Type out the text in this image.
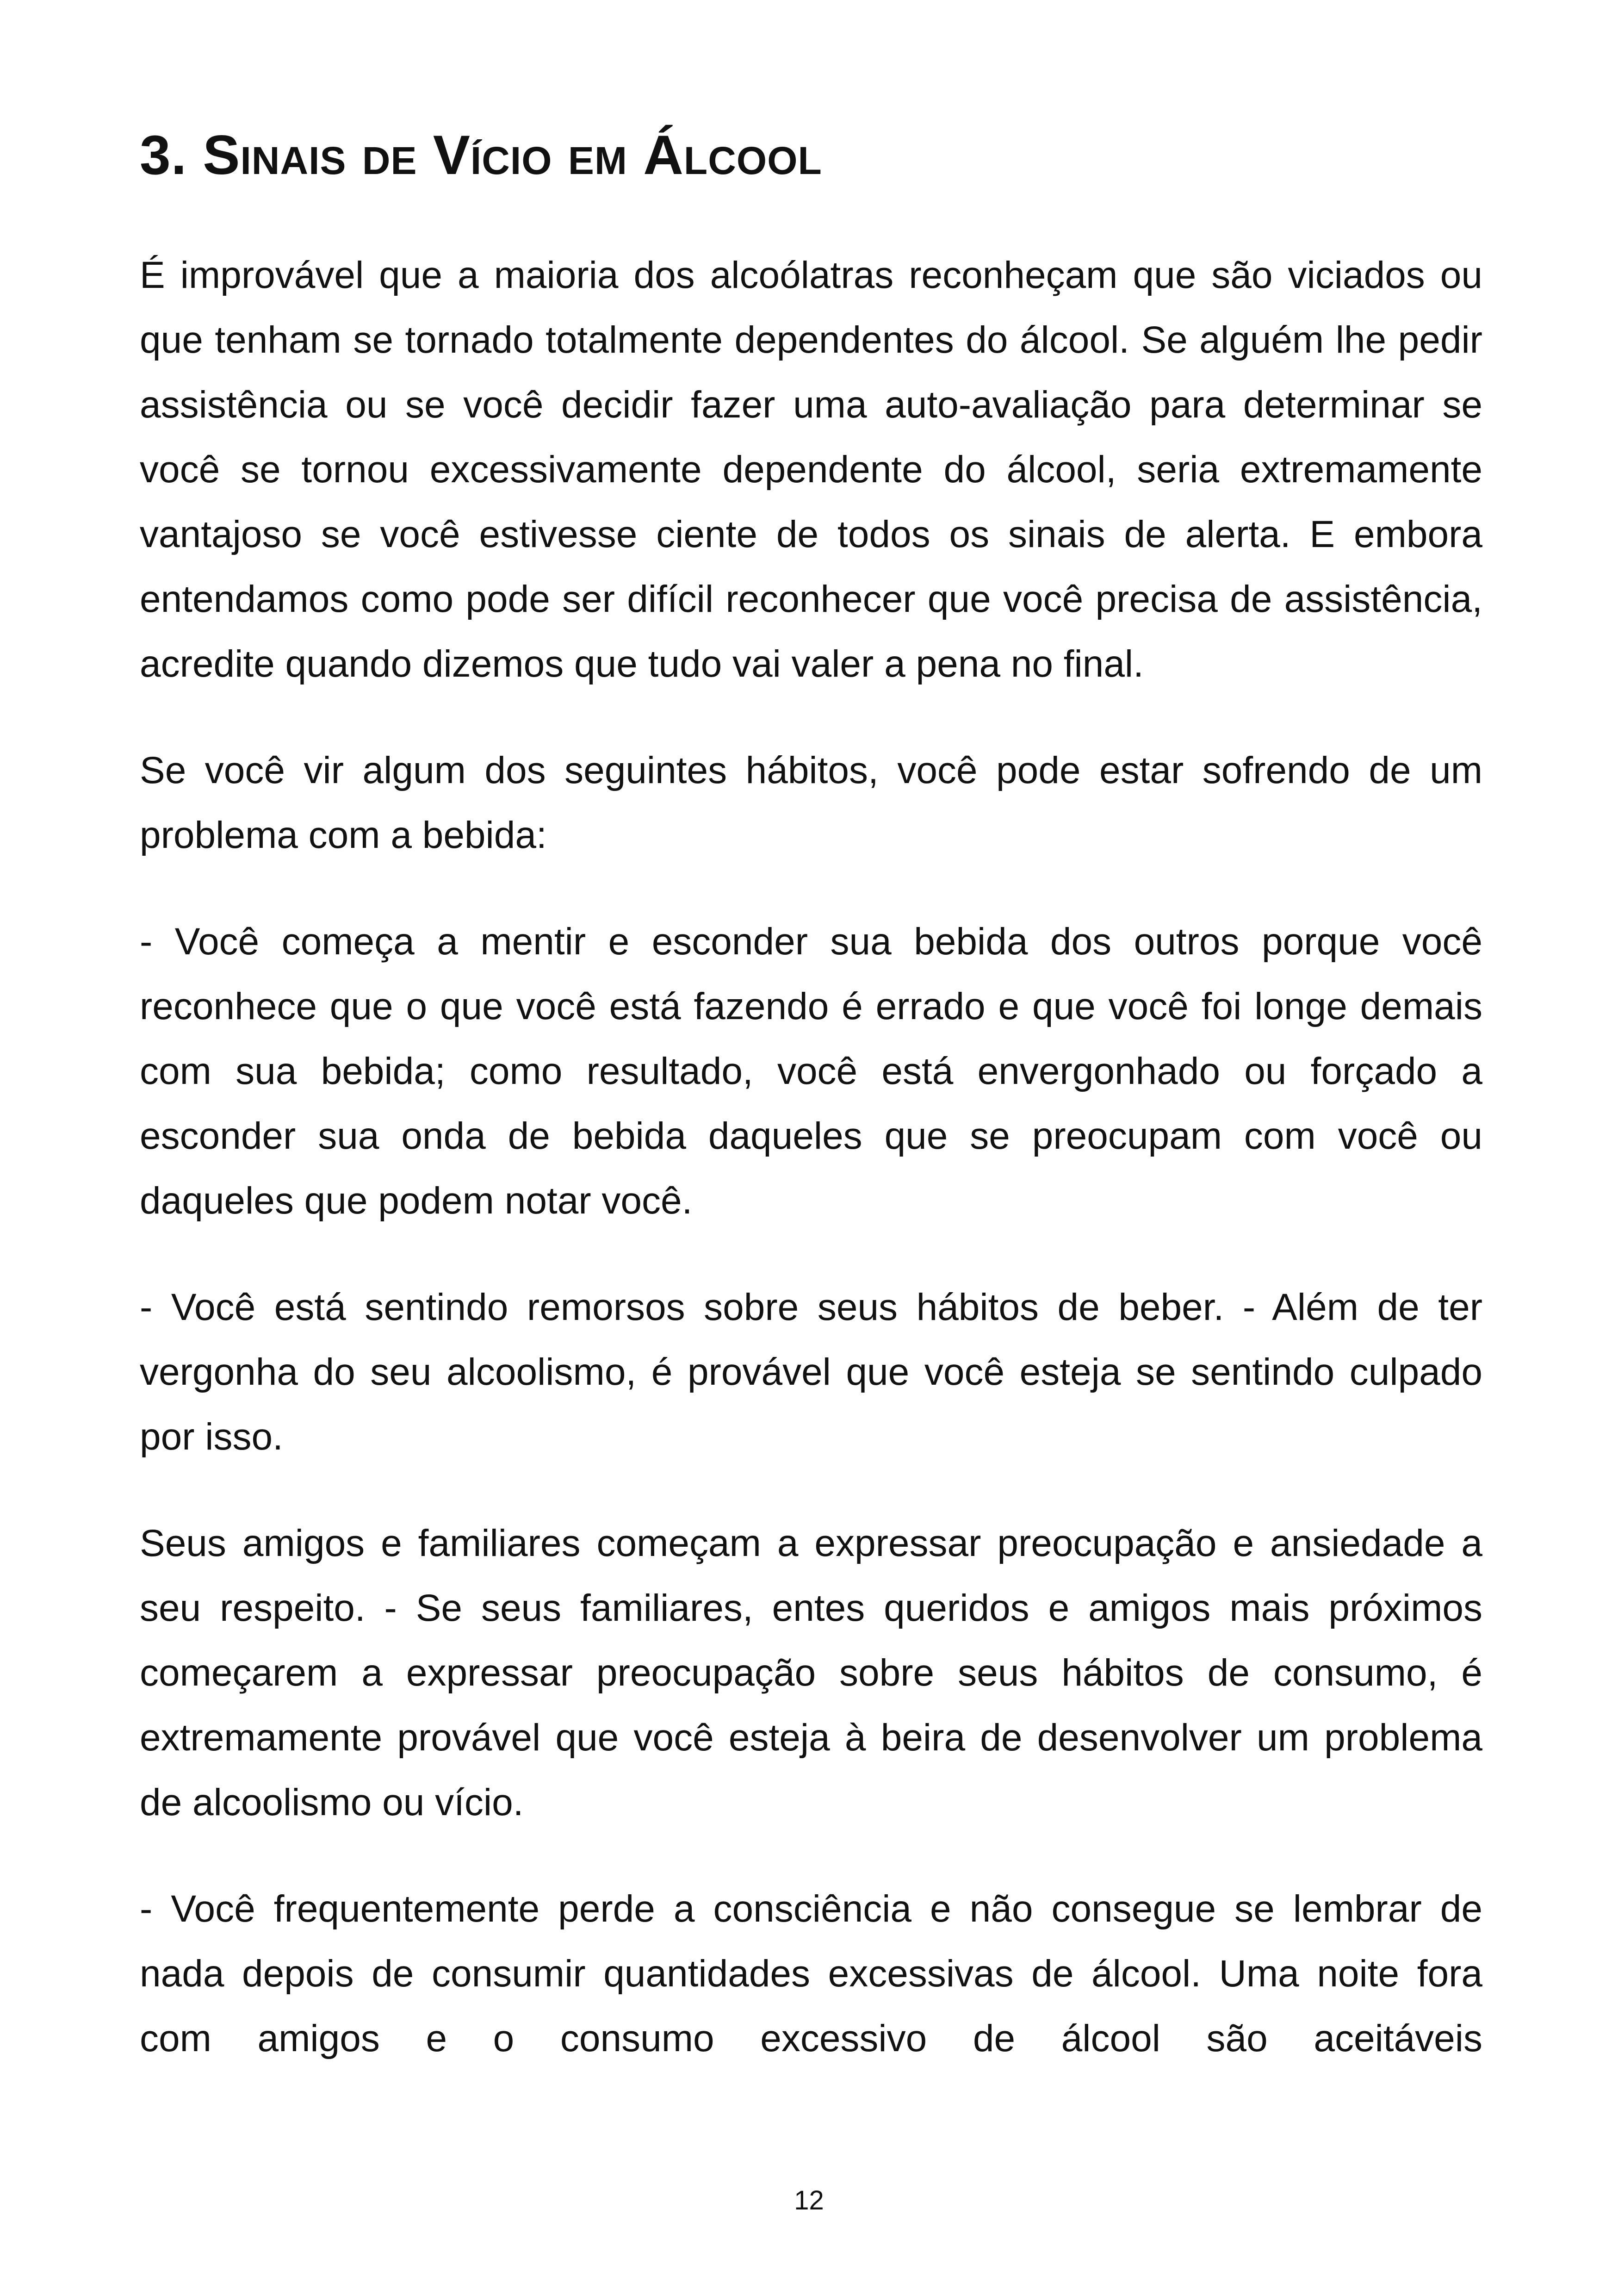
3. Sinais de Vício em Álcool

É improvável que a maioria dos alcoólatras reconheçam que são viciados ou que tenham se tornado totalmente dependentes do álcool. Se alguém lhe pedir assistência ou se você decidir fazer uma auto-avaliação para determinar se você se tornou excessivamente dependente do álcool, seria extremamente vantajoso se você estivesse ciente de todos os sinais de alerta. E embora entendamos como pode ser difícil reconhecer que você precisa de assistência, acredite quando dizemos que tudo vai valer a pena no final.

Se você vir algum dos seguintes hábitos, você pode estar sofrendo de um problema com a bebida:

- Você começa a mentir e esconder sua bebida dos outros porque você reconhece que o que você está fazendo é errado e que você foi longe demais com sua bebida; como resultado, você está envergonhado ou forçado a esconder sua onda de bebida daqueles que se preocupam com você ou daqueles que podem notar você.

- Você está sentindo remorsos sobre seus hábitos de beber. - Além de ter vergonha do seu alcoolismo, é provável que você esteja se sentindo culpado por isso.

Seus amigos e familiares começam a expressar preocupação e ansiedade a seu respeito. - Se seus familiares, entes queridos e amigos mais próximos começarem a expressar preocupação sobre seus hábitos de consumo, é extremamente provável que você esteja à beira de desenvolver um problema de alcoolismo ou vício.

- Você frequentemente perde a consciência e não consegue se lembrar de nada depois de consumir quantidades excessivas de álcool. Uma noite fora com amigos e o consumo excessivo de álcool são aceitáveis

12
